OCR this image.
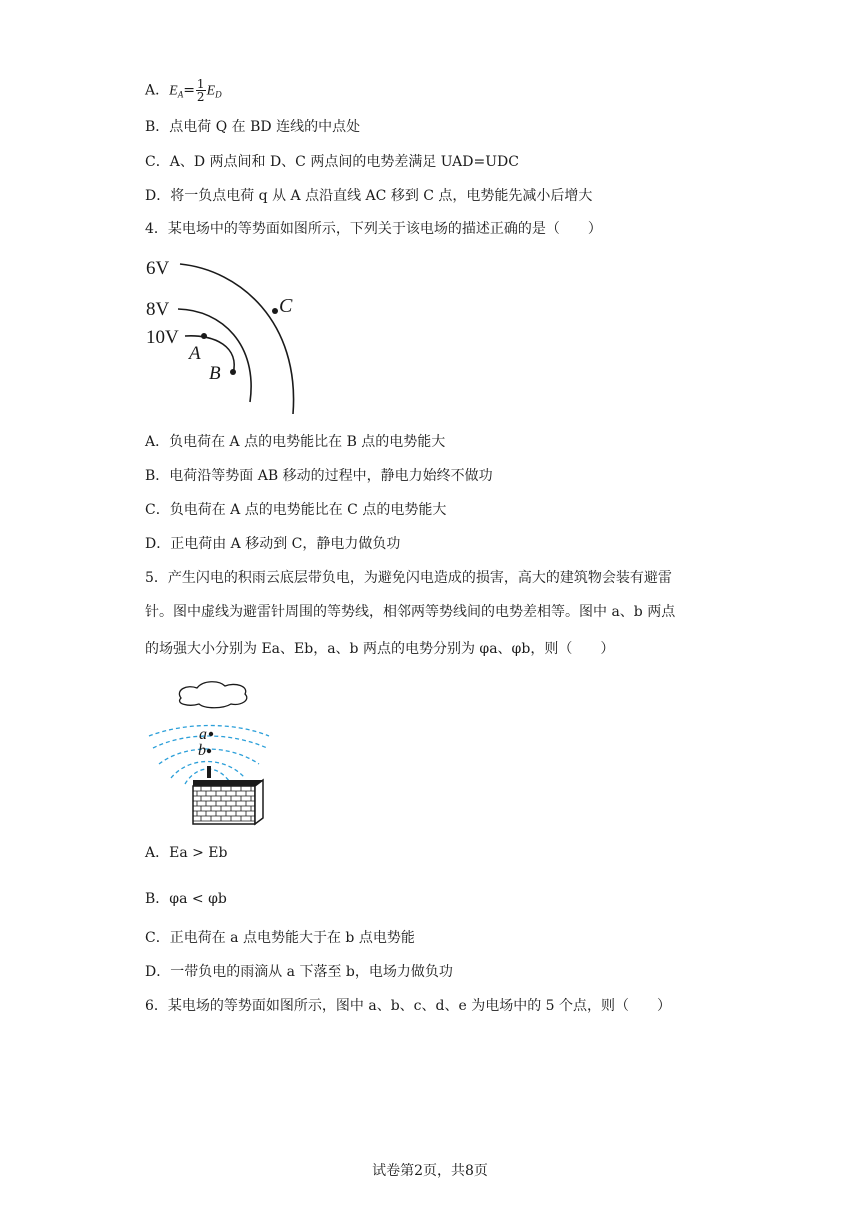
A．$E_A= \frac{1}{2} E_D$
B．点电荷 Q 在 BD 连线的中点处
C．A、D 两点间和 D、C 两点间的电势差满足 UAD=UDC
D．将一负点电荷 q 从 A 点沿直线 AC 移到 C 点，电势能先减小后增大
4．某电场中的等势面如图所示，下列关于该电场的描述正确的是（　　）
6V
8V
10V
A
B
C
A．负电荷在 A 点的电势能比在 B 点的电势能大
B．电荷沿等势面 AB 移动的过程中，静电力始终不做功
C．负电荷在 A 点的电势能比在 C 点的电势能大
D．正电荷由 A 移动到 C，静电力做负功
5．产生闪电的积雨云底层带负电，为避免闪电造成的损害，高大的建筑物会装有避雷
针。图中虚线为避雷针周围的等势线，相邻两等势线间的电势差相等。图中 a、b 两点
的场强大小分别为 Ea、Eb，a、b 两点的电势分别为 φa、φb，则（　　）
a
b
A．Ea > Eb
B．φa < φb
C．正电荷在 a 点电势能大于在 b 点电势能
D．一带负电的雨滴从 a 下落至 b，电场力做负功
6．某电场的等势面如图所示，图中 a、b、c、d、e 为电场中的 5 个点，则（　　）
试卷第2页，共8页
